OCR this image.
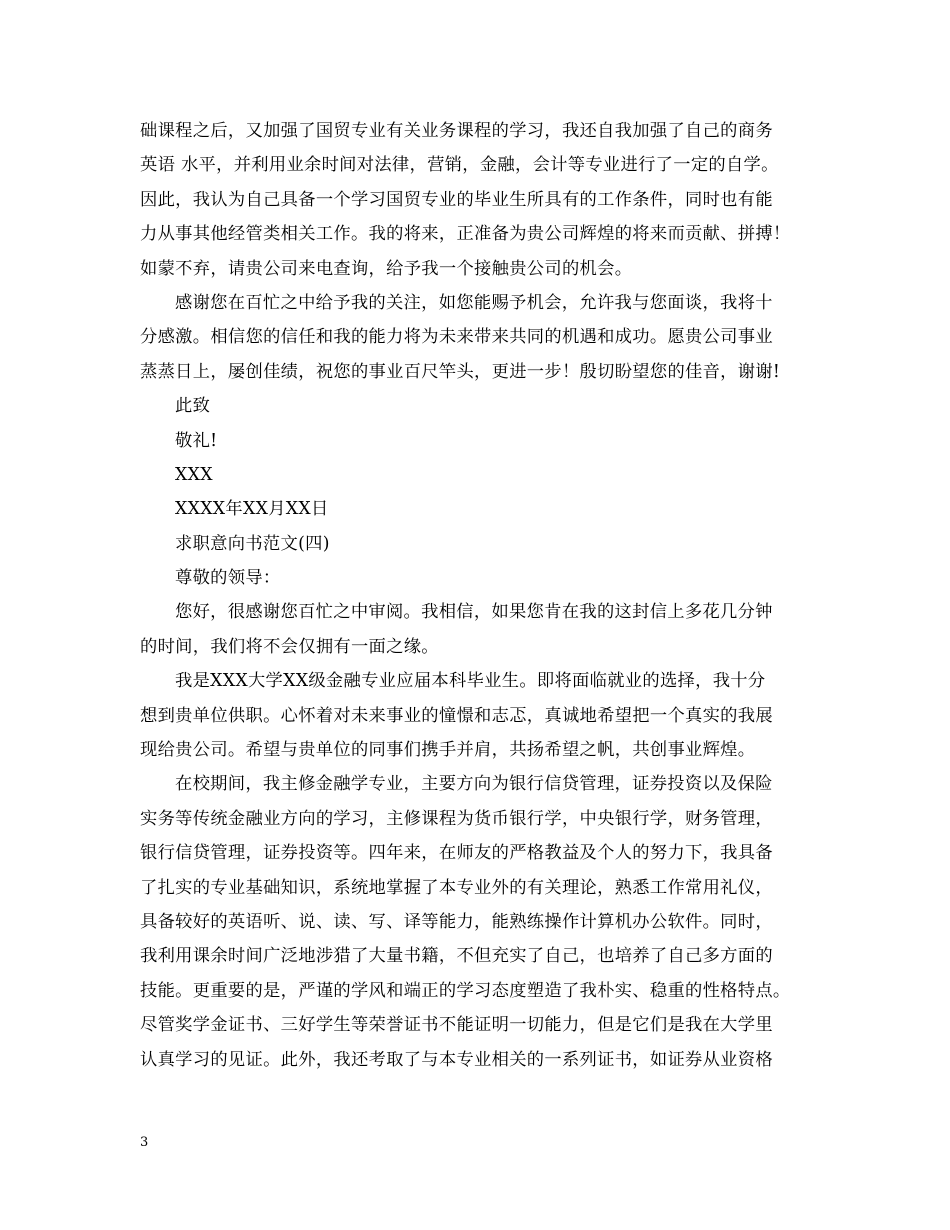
础课程之后，又加强了国贸专业有关业务课程的学习，我还自我加强了自己的商务
英语 水平，并利用业余时间对法律，营销，金融，会计等专业进行了一定的自学。
因此，我认为自己具备一个学习国贸专业的毕业生所具有的工作条件，同时也有能
力从事其他经管类相关工作。我的将来，正准备为贵公司辉煌的将来而贡献、拼搏！
如蒙不弃，请贵公司来电查询，给予我一个接触贵公司的机会。
感谢您在百忙之中给予我的关注，如您能赐予机会，允许我与您面谈，我将十
分感激。相信您的信任和我的能力将为未来带来共同的机遇和成功。愿贵公司事业
蒸蒸日上，屡创佳绩，祝您的事业百尺竿头，更进一步！殷切盼望您的佳音，谢谢!
此致
敬礼!
XXX
XXXX年XX月XX日
求职意向书范文(四)
尊敬的领导：
您好，很感谢您百忙之中审阅。我相信，如果您肯在我的这封信上多花几分钟
的时间，我们将不会仅拥有一面之缘。
我是XXX大学XX级金融专业应届本科毕业生。即将面临就业的选择，我十分
想到贵单位供职。心怀着对未来事业的憧憬和志忑，真诚地希望把一个真实的我展
现给贵公司。希望与贵单位的同事们携手并肩，共扬希望之帆，共创事业辉煌。
在校期间，我主修金融学专业，主要方向为银行信贷管理，证券投资以及保险
实务等传统金融业方向的学习，主修课程为货币银行学，中央银行学，财务管理，
银行信贷管理，证券投资等。四年来，在师友的严格教益及个人的努力下，我具备
了扎实的专业基础知识，系统地掌握了本专业外的有关理论，熟悉工作常用礼仪，
具备较好的英语听、说、读、写、译等能力，能熟练操作计算机办公软件。同时，
我利用课余时间广泛地涉猎了大量书籍，不但充实了自己，也培养了自己多方面的
技能。更重要的是，严谨的学风和端正的学习态度塑造了我朴实、稳重的性格特点。
尽管奖学金证书、三好学生等荣誉证书不能证明一切能力，但是它们是我在大学里
认真学习的见证。此外，我还考取了与本专业相关的一系列证书，如证券从业资格
3
